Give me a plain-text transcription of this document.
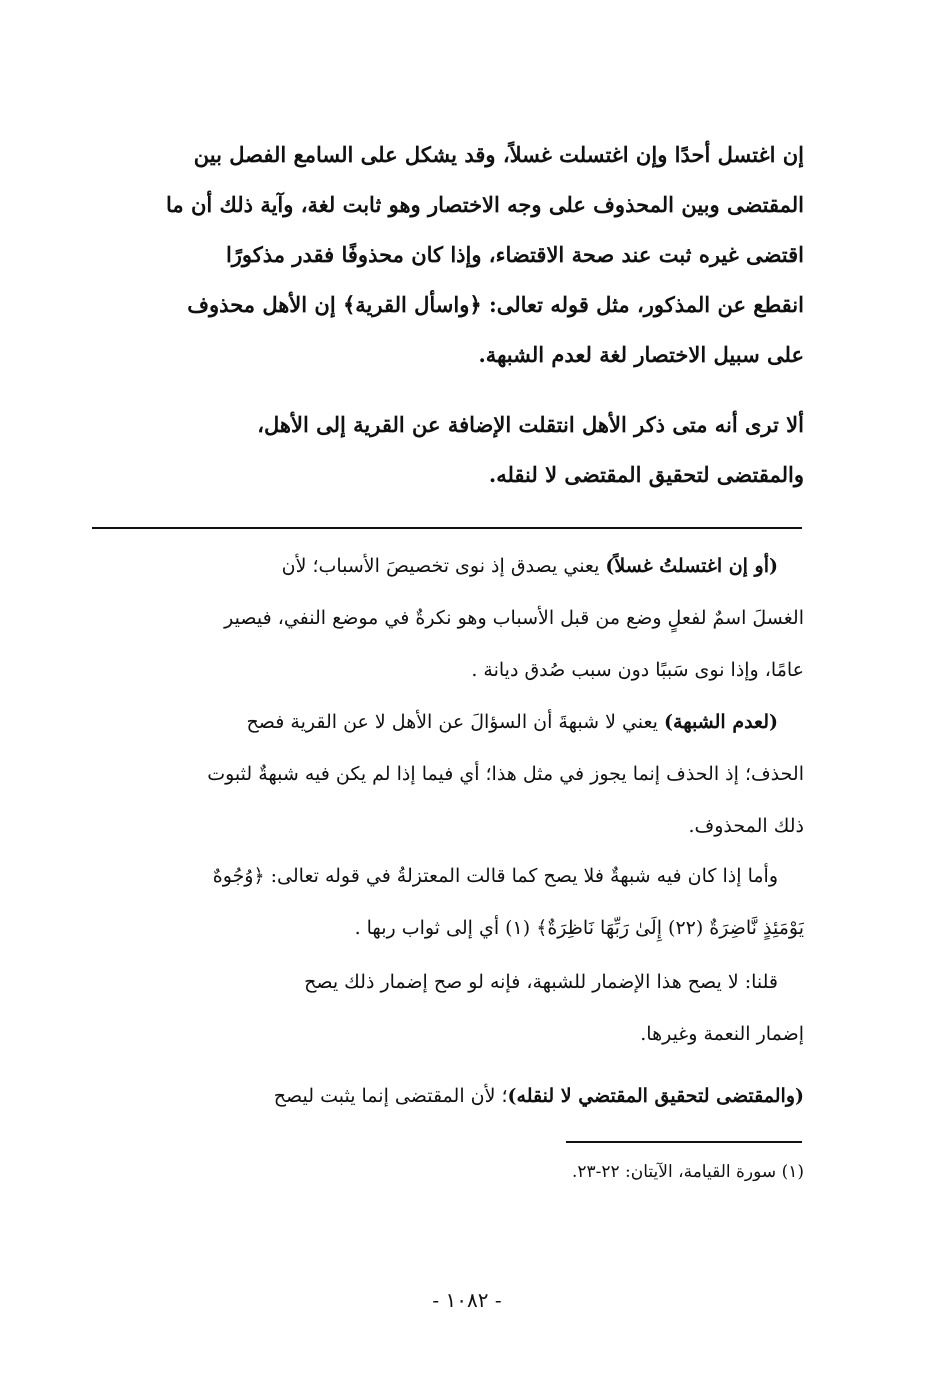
إن اغتسل أحدًا وإن اغتسلت غسلاً، وقد يشكل على السامع الفصل بين
المقتضى وبين المحذوف على وجه الاختصار وهو ثابت لغة، وآية ذلك أن ما
اقتضى غيره ثبت عند صحة الاقتضاء، وإذا كان محذوفًا فقدر مذكورًا
انقطع عن المذكور، مثل قوله تعالى: ﴿واسأل القرية﴾ إن الأهل محذوف
على سبيل الاختصار لغة لعدم الشبهة.
ألا ترى أنه متى ذكر الأهل انتقلت الإضافة عن القرية إلى الأهل،
والمقتضى لتحقيق المقتضى لا لنقله.
(أو إن اغتسلتُ غسلاً) يعني يصدق إذ نوى تخصيصَ الأسباب؛ لأن
الغسلَ اسمٌ لفعلٍ وضع من قبل الأسباب وهو نكرةٌ في موضع النفي، فيصير
عامًا، وإذا نوى سَببًا دون سبب صُدق ديانة .
(لعدم الشبهة) يعني لا شبهةَ أن السؤالَ عن الأهل لا عن القرية فصح
الحذف؛ إذ الحذف إنما يجوز في مثل هذا؛ أي فيما إذا لم يكن فيه شبهةٌ لثبوت
ذلك المحذوف.
وأما إذا كان فيه شبهةٌ فلا يصح كما قالت المعتزلةُ في قوله تعالى: ﴿وُجُوهٌ
يَوْمَئِذٍ نَّاضِرَةٌ (٢٢) إِلَىٰ رَبِّهَا نَاظِرَةٌ﴾ (١) أي إلى ثواب ربها .
قلنا: لا يصح هذا الإضمار للشبهة، فإنه لو صح إضمار ذلك يصح
إضمار النعمة وغيرها.
(والمقتضى لتحقيق المقتضي لا لنقله)؛ لأن المقتضى إنما يثبت ليصح
(١) سورة القيامة، الآيتان: ٢٢-٢٣.
- ١٠٨٢ -
